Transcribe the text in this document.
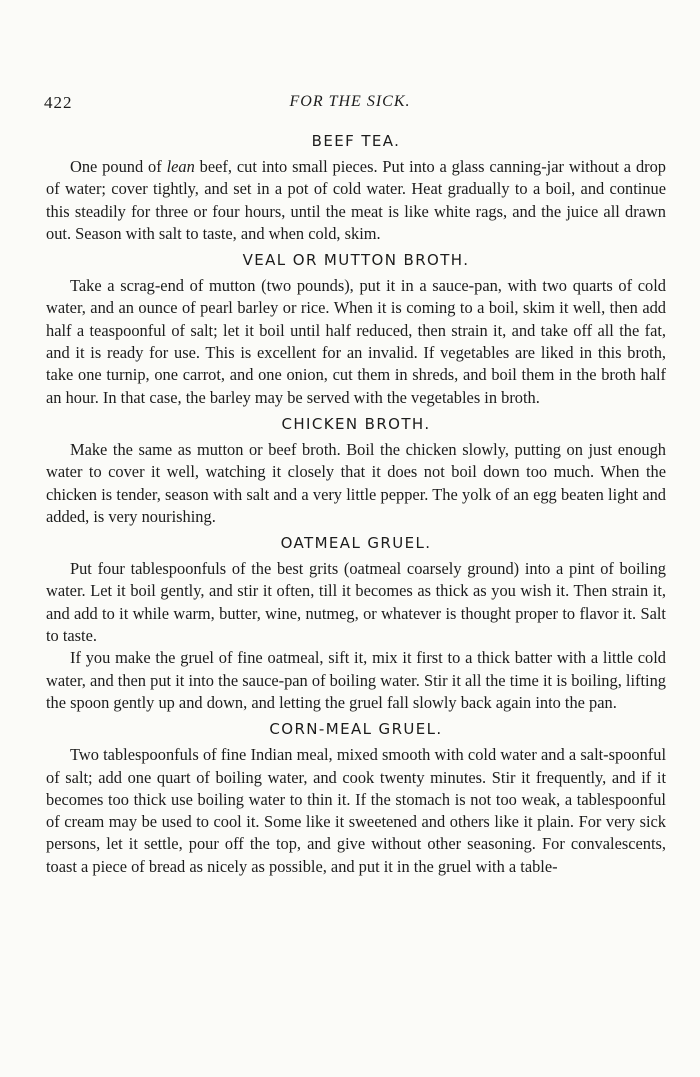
422	FOR THE SICK.
BEEF TEA.

One pound of lean beef, cut into small pieces. Put into a glass canning-jar without a drop of water; cover tightly, and set in a pot of cold water. Heat gradually to a boil, and continue this steadily for three or four hours, until the meat is like white rags, and the juice all drawn out. Season with salt to taste, and when cold, skim.

VEAL OR MUTTON BROTH.

Take a scrag-end of mutton (two pounds), put it in a sauce-pan, with two quarts of cold water, and an ounce of pearl barley or rice. When it is coming to a boil, skim it well, then add half a teaspoonful of salt; let it boil until half reduced, then strain it, and take off all the fat, and it is ready for use. This is excellent for an invalid. If vegetables are liked in this broth, take one turnip, one carrot, and one onion, cut them in shreds, and boil them in the broth half an hour. In that case, the barley may be served with the vegetables in broth.

CHICKEN BROTH.

Make the same as mutton or beef broth. Boil the chicken slowly, putting on just enough water to cover it well, watching it closely that it does not boil down too much. When the chicken is tender, season with salt and a very little pepper. The yolk of an egg beaten light and added, is very nourishing.

OATMEAL GRUEL.

Put four tablespoonfuls of the best grits (oatmeal coarsely ground) into a pint of boiling water. Let it boil gently, and stir it often, till it becomes as thick as you wish it. Then strain it, and add to it while warm, butter, wine, nutmeg, or whatever is thought proper to flavor it. Salt to taste.

If you make the gruel of fine oatmeal, sift it, mix it first to a thick batter with a little cold water, and then put it into the sauce-pan of boiling water. Stir it all the time it is boiling, lifting the spoon gently up and down, and letting the gruel fall slowly back again into the pan.

CORN-MEAL GRUEL.

Two tablespoonfuls of fine Indian meal, mixed smooth with cold water and a salt-spoonful of salt; add one quart of boiling water, and cook twenty minutes. Stir it frequently, and if it becomes too thick use boiling water to thin it. If the stomach is not too weak, a tablespoonful of cream may be used to cool it. Some like it sweetened and others like it plain. For very sick persons, let it settle, pour off the top, and give without other seasoning. For convalescents, toast a piece of bread as nicely as possible, and put it in the gruel with a table-
